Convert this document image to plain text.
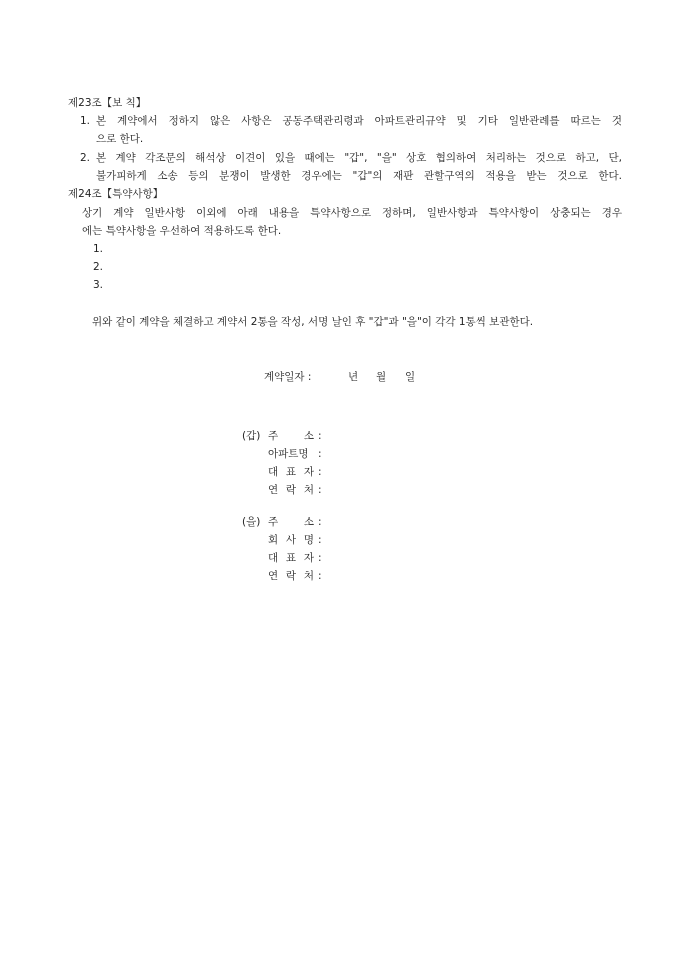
제23조【보 칙】
1. 본 계약에서 정하지 않은 사항은 공동주택관리령과 아파트관리규약 및 기타 일반관례를 따르는 것
으로 한다.
2. 본 계약 각조문의 해석상 이견이 있을 때에는 "갑", "을" 상호 협의하여 처리하는 것으로 하고, 단,
불가피하게 소송 등의 분쟁이 발생한 경우에는 "갑"의 재판 관할구역의 적용을 받는 것으로 한다.
제24조【특약사항】
상기 계약 일반사항 이외에 아래 내용을 특약사항으로 정하며, 일반사항과 특약사항이 상충되는 경우
에는 특약사항을 우선하여 적용하도록 한다.
1.
2.
3.
위와 같이 계약을 체결하고 계약서 2통을 작성, 서명 날인 후 "갑"과 "을"이 각각 1통씩 보관한다.
계약일자 :	년 월 일
(갑) 주 소 :
아파트명 :
대 표 자 :
연 락 처 :
(을) 주 소 :
회 사 명 :
대 표 자 :
연 락 처 :
